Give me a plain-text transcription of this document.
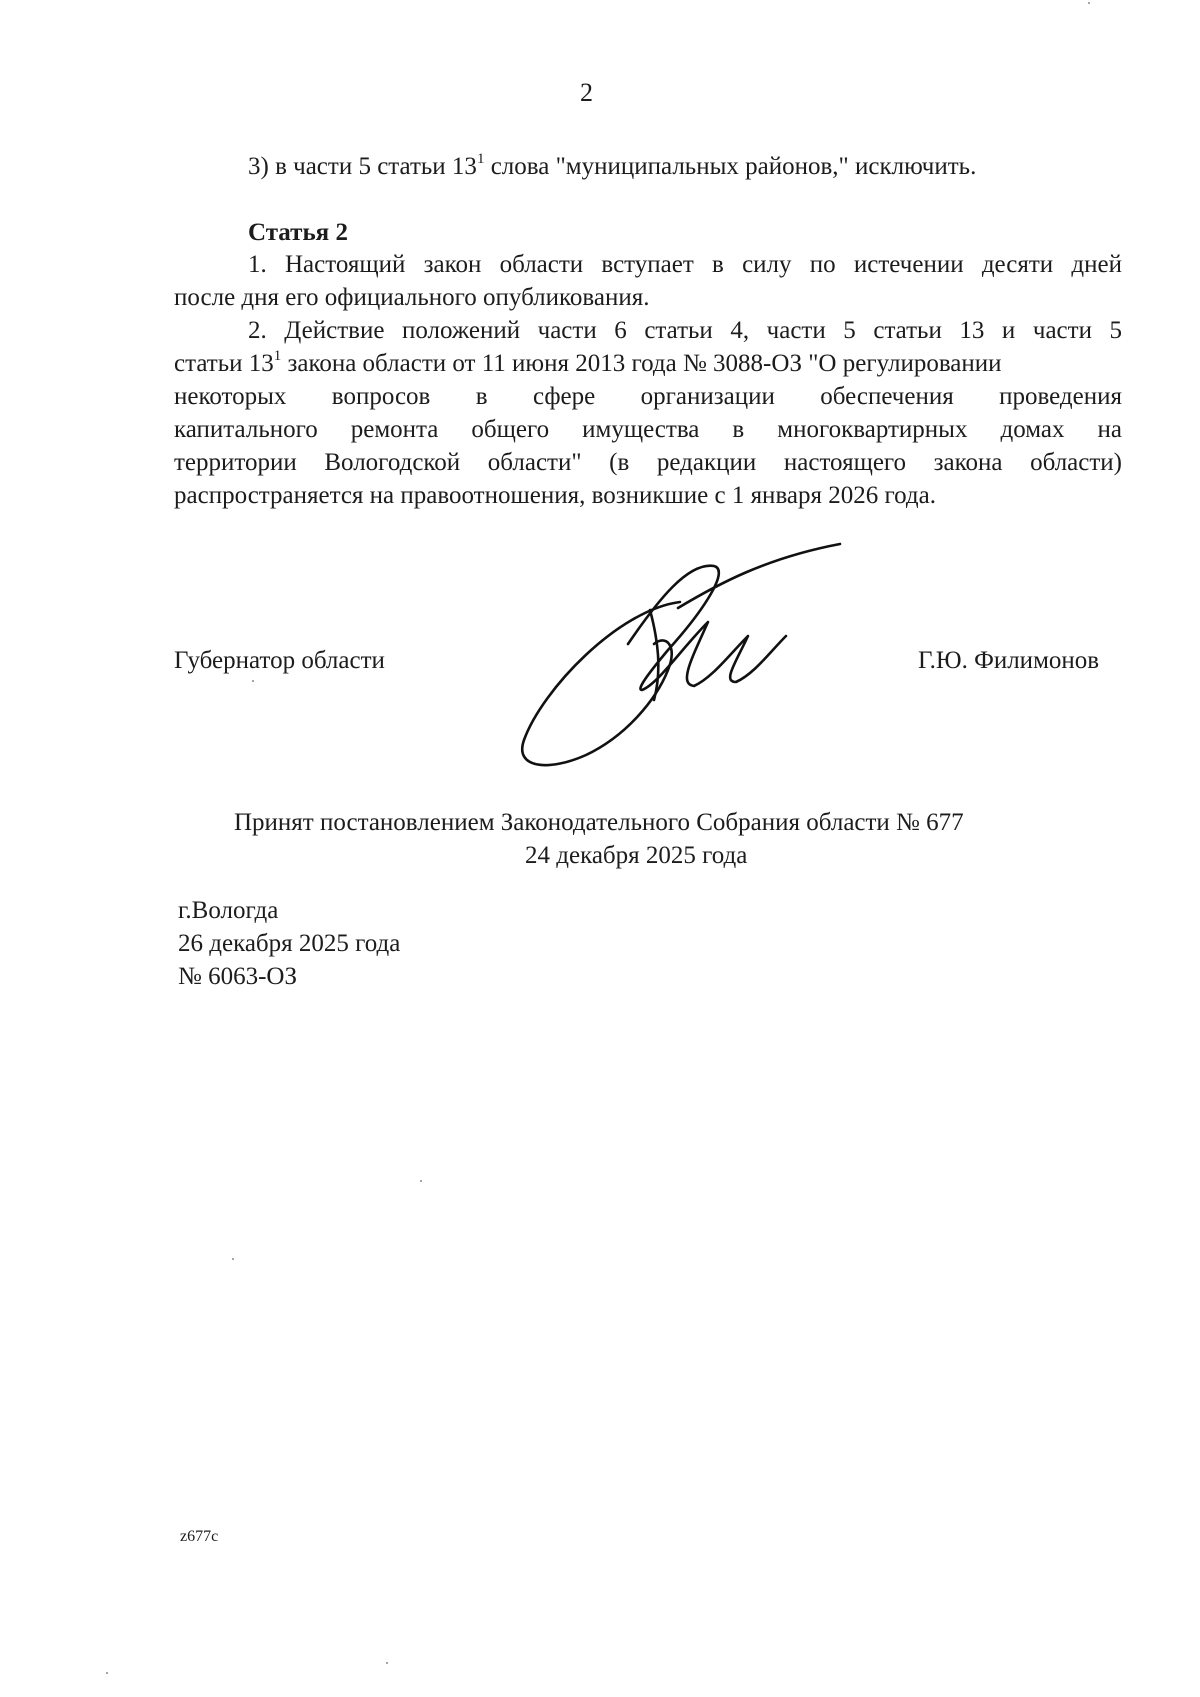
2
3) в части 5 статьи $13^1$ слова "муниципальных районов," исключить.
Статья 2
1. Настоящий закон области вступает в силу по истечении десяти дней
после дня его официального опубликования.
2. Действие положений части 6 статьи 4, части 5 статьи 13 и части 5
статьи $13^1$ закона области от 11 июня 2013 года № 3088-ОЗ "О регулировании
некоторых вопросов в сфере организации обеспечения проведения
капитального ремонта общего имущества в многоквартирных домах на
территории Вологодской области" (в редакции настоящего закона области)
распространяется на правоотношения, возникшие с 1 января 2026 года.
Губернатор области	Г.Ю. Филимонов
Принят постановлением Законодательного Собрания области № 677
24 декабря 2025 года
г.Вологда
26 декабря 2025 года
№ 6063-ОЗ
z677c
